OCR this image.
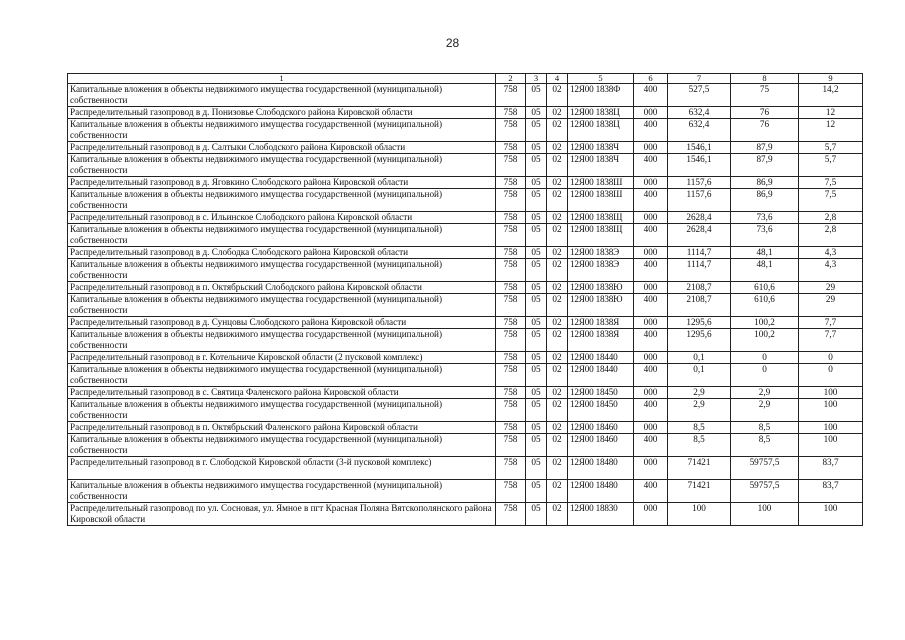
28
1	2	3	4	5	6	7	8	9
Капитальные вложения в объекты недвижимого имущества государственной (муниципальной) собственности	758	05	02	12Я00 1838Ф	400	527,5	75	14,2
Распределительный газопровод в д. Понизовье Слободского района Кировской области	758	05	02	12Я00 1838Ц	000	632,4	76	12
Капитальные вложения в объекты недвижимого имущества государственной (муниципальной) собственности	758	05	02	12Я00 1838Ц	400	632,4	76	12
Распределительный газопровод в д. Салтыки Слободского района Кировской области	758	05	02	12Я00 1838Ч	000	1546,1	87,9	5,7
Капитальные вложения в объекты недвижимого имущества государственной (муниципальной) собственности	758	05	02	12Я00 1838Ч	400	1546,1	87,9	5,7
Распределительный газопровод в д. Яговкино Слободского района Кировской области	758	05	02	12Я00 1838Ш	000	1157,6	86,9	7,5
Капитальные вложения в объекты недвижимого имущества государственной (муниципальной) собственности	758	05	02	12Я00 1838Ш	400	1157,6	86,9	7,5
Распределительный газопровод в с. Ильинское Слободского района Кировской области	758	05	02	12Я00 1838Щ	000	2628,4	73,6	2,8
Капитальные вложения в объекты недвижимого имущества государственной (муниципальной) собственности	758	05	02	12Я00 1838Щ	400	2628,4	73,6	2,8
Распределительный газопровод в д. Слободка Слободского района Кировской области	758	05	02	12Я00 1838Э	000	1114,7	48,1	4,3
Капитальные вложения в объекты недвижимого имущества государственной (муниципальной) собственности	758	05	02	12Я00 1838Э	400	1114,7	48,1	4,3
Распределительный газопровод в п. Октябрьский Слободского района Кировской области	758	05	02	12Я00 1838Ю	000	2108,7	610,6	29
Капитальные вложения в объекты недвижимого имущества государственной (муниципальной) собственности	758	05	02	12Я00 1838Ю	400	2108,7	610,6	29
Распределительный газопровод в д. Сунцовы Слободского района Кировской области	758	05	02	12Я00 1838Я	000	1295,6	100,2	7,7
Капитальные вложения в объекты недвижимого имущества государственной (муниципальной) собственности	758	05	02	12Я00 1838Я	400	1295,6	100,2	7,7
Распределительный газопровод в г. Котельниче Кировской области (2 пусковой комплекс)	758	05	02	12Я00 18440	000	0,1	0	0
Капитальные вложения в объекты недвижимого имущества государственной (муниципальной) собственности	758	05	02	12Я00 18440	400	0,1	0	0
Распределительный газопровод в с. Святица Фаленского района Кировской области	758	05	02	12Я00 18450	000	2,9	2,9	100
Капитальные вложения в объекты недвижимого имущества государственной (муниципальной) собственности	758	05	02	12Я00 18450	400	2,9	2,9	100
Распределительный газопровод в п. Октябрьский Фаленского района Кировской области	758	05	02	12Я00 18460	000	8,5	8,5	100
Капитальные вложения в объекты недвижимого имущества государственной (муниципальной) собственности	758	05	02	12Я00 18460	400	8,5	8,5	100
Распределительный газопровод в г. Слободской Кировской области (3-й пусковой комплекс)	758	05	02	12Я00 18480	000	71421	59757,5	83,7
Капитальные вложения в объекты недвижимого имущества государственной (муниципальной) собственности	758	05	02	12Я00 18480	400	71421	59757,5	83,7
Распределительный газопровод по ул. Сосновая, ул. Ямное в пгт Красная Поляна Вятскополянского района Кировской области	758	05	02	12Я00 18830	000	100	100	100
